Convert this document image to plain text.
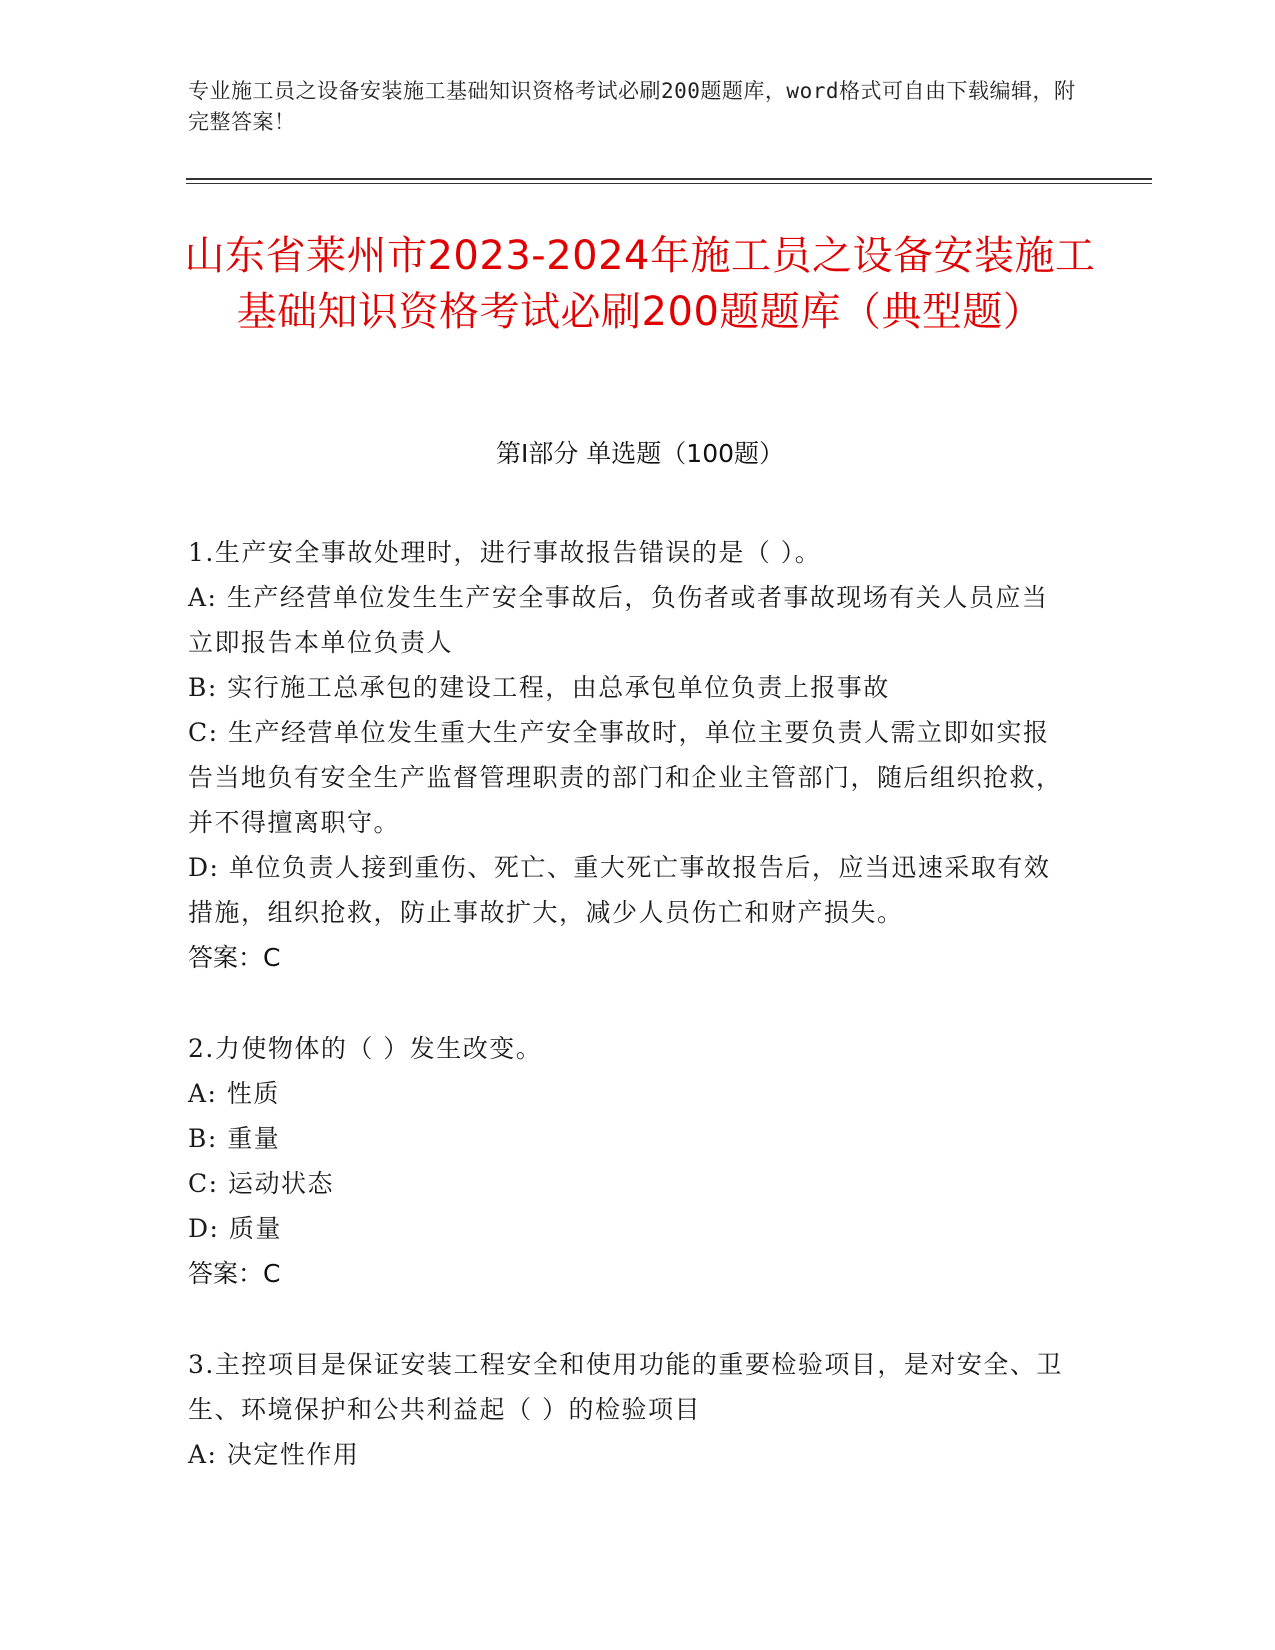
专业施工员之设备安装施工基础知识资格考试必刷200题题库，word格式可自由下载编辑，附完整答案！
山东省莱州市2023-2024年施工员之设备安装施工基础知识资格考试必刷200题题库（典型题）
第I部分 单选题（100题）
1.生产安全事故处理时，进行事故报告错误的是（ ）。
A: 生产经营单位发生生产安全事故后，负伤者或者事故现场有关人员应当立即报告本单位负责人
B: 实行施工总承包的建设工程，由总承包单位负责上报事故
C: 生产经营单位发生重大生产安全事故时，单位主要负责人需立即如实报告当地负有安全生产监督管理职责的部门和企业主管部门，随后组织抢救，并不得擅离职守。
D: 单位负责人接到重伤、死亡、重大死亡事故报告后，应当迅速采取有效措施，组织抢救，防止事故扩大，减少人员伤亡和财产损失。
答案：C
2.力使物体的（ ）发生改变。
A: 性质
B: 重量
C: 运动状态
D: 质量
答案：C
3.主控项目是保证安装工程安全和使用功能的重要检验项目，是对安全、卫生、环境保护和公共利益起（ ）的检验项目
A: 决定性作用
